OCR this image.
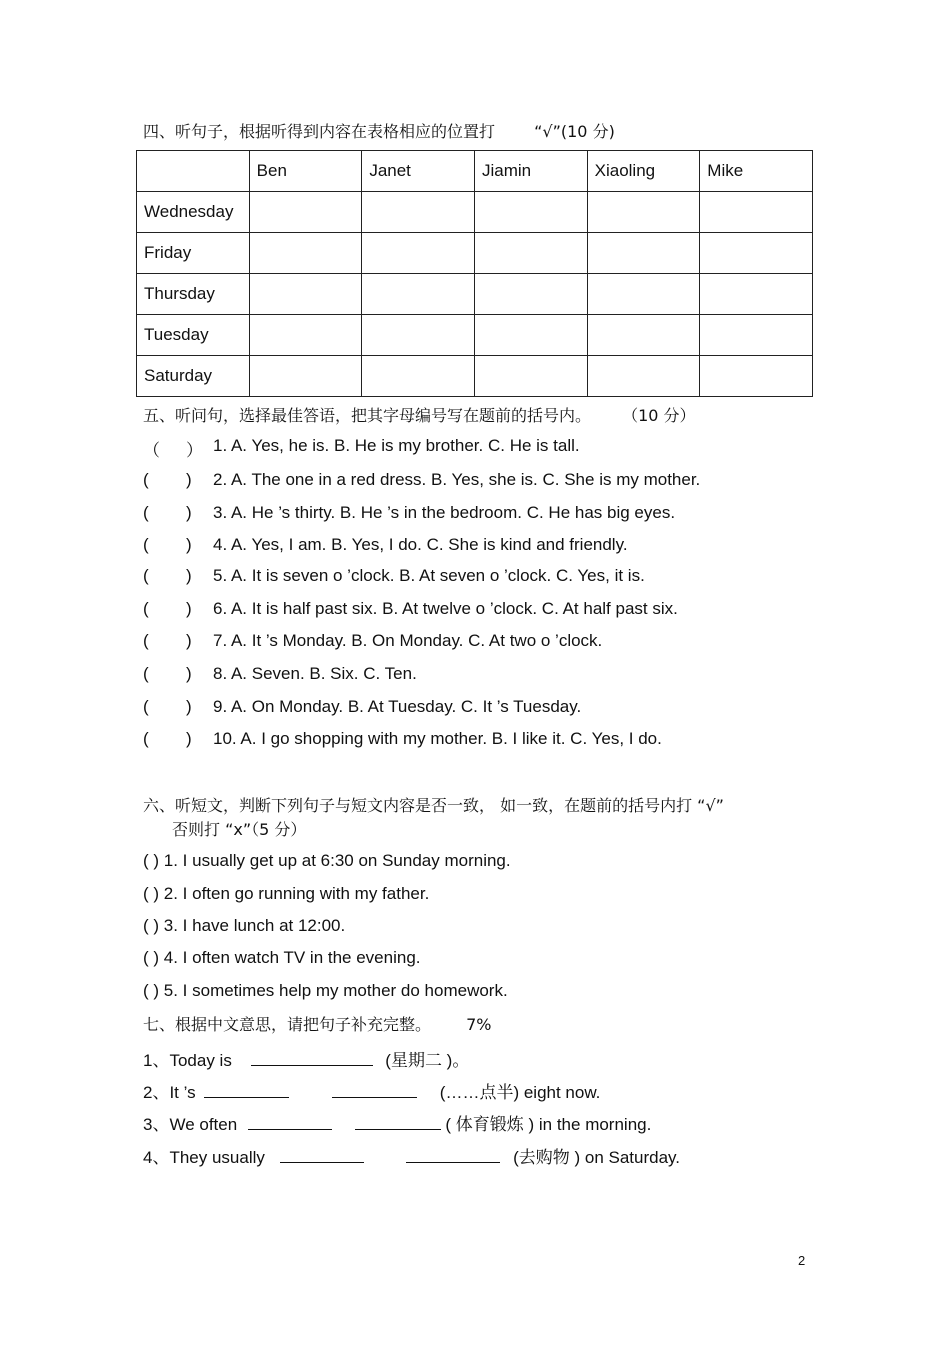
四、听句子，根据听得到内容在表格相应的位置打 “√”(10 分)
	Ben	Janet	Jiamin	Xiaoling	Mike
Wednesday					
Friday					
Thursday					
Tuesday					
Saturday					
五、听问句，选择最佳答语，把其字母编号写在题前的括号内。 （10 分）
（ ） 1. A. Yes, he is. B. He is my brother. C. He is tall.
( ) 2. A. The one in a red dress. B. Yes, she is. C. She is my mother.
( ) 3. A. He ’s thirty. B. He ’s in the bedroom. C. He has big eyes.
( ) 4. A. Yes, I am. B. Yes, I do. C. She is kind and friendly.
( ) 5. A. It is seven o ’clock. B. At seven o ’clock. C. Yes, it is.
( ) 6. A. It is half past six. B. At twelve o ’clock. C. At half past six.
( ) 7. A. It ’s Monday. B. On Monday. C. At two o ’clock.
( ) 8. A. Seven. B. Six. C. Ten.
( ) 9. A. On Monday. B. At Tuesday. C. It ’s Tuesday.
( ) 10. A. I go shopping with my mother. B. I like it. C. Yes, I do.
六、听短文，判断下列句子与短文内容是否一致， 如一致，在题前的括号内打 “√”
否则打 “x”（5 分）
( ) 1. I usually get up at 6:30 on Sunday morning.
( ) 2. I often go running with my father.
( ) 3. I have lunch at 12:00.
( ) 4. I often watch TV in the evening.
( ) 5. I sometimes help my mother do homework.
七、根据中文意思，请把句子补充完整。 7%
1、Today is	(星期二 )。
2、It ’s	(……点半) eight now.
3、We often	( 体育锻炼 ) in the morning.
4、They usually	(去购物 ) on Saturday.
2
